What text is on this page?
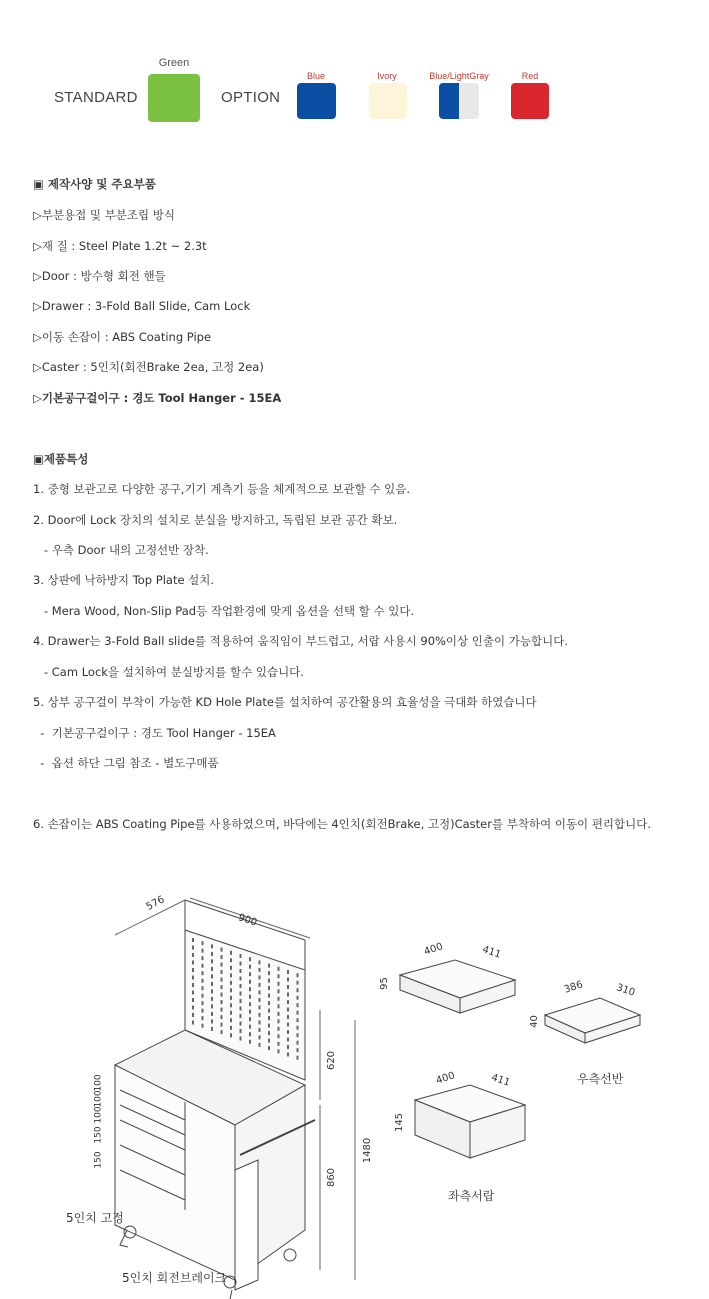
STANDARD
Green
OPTION
Blue	Ivory	Blue/LightGray	Red
▣ 제작사양 및 주요부품
▷부분용접 및 부분조립 방식
▷재 질 : Steel Plate 1.2t ~ 2.3t
▷Door : 방수형 회전 핸들
▷Drawer : 3-Fold Ball Slide, Cam Lock
▷이동 손잡이 : ABS Coating Pipe
▷Caster : 5인치(회전Brake 2ea, 고정 2ea)
▷기본공구걸이구 : 경도 Tool Hanger - 15EA
▣제품특성
1. 중형 보관고로 다양한 공구,기기 계측기 등을 체계적으로 보관할 수 있음.
2. Door에 Lock 장치의 설치로 분실을 방지하고, 독립된 보관 공간 확보.
- 우측 Door 내의 고정선반 장착.
3. 상판에 낙하방지 Top Plate 설치.
- Mera Wood, Non-Slip Pad등 작업환경에 맞게 옵션을 선택 할 수 있다.
4. Drawer는 3-Fold Ball slide를 적용하여 움직임이 부드럽고, 서랍 사용시 90%이상 인출이 가능합니다.
- Cam Lock을 설치하여 분실방지를 할수 있습니다.
5. 상부 공구걸이 부착이 가능한 KD Hole Plate를 설치하여 공간활용의 효율성을 극대화 하였습니다
-  기본공구걸이구 : 경도 Tool Hanger - 15EA
-  옵션 하단 그림 참조 - 별도구매품
6. 손잡이는 ABS Coating Pipe를 사용하였으며, 바닥에는 4인치(회전Brake, 고정)Caster를 부착하여 이동이 편리합니다.
576
900
620
1480
860
100
100
100
150
150
400	411
95
400	411
145
386	310
40
5인치 고정
5인치 회전브레이크
우측선반
좌측서랍
